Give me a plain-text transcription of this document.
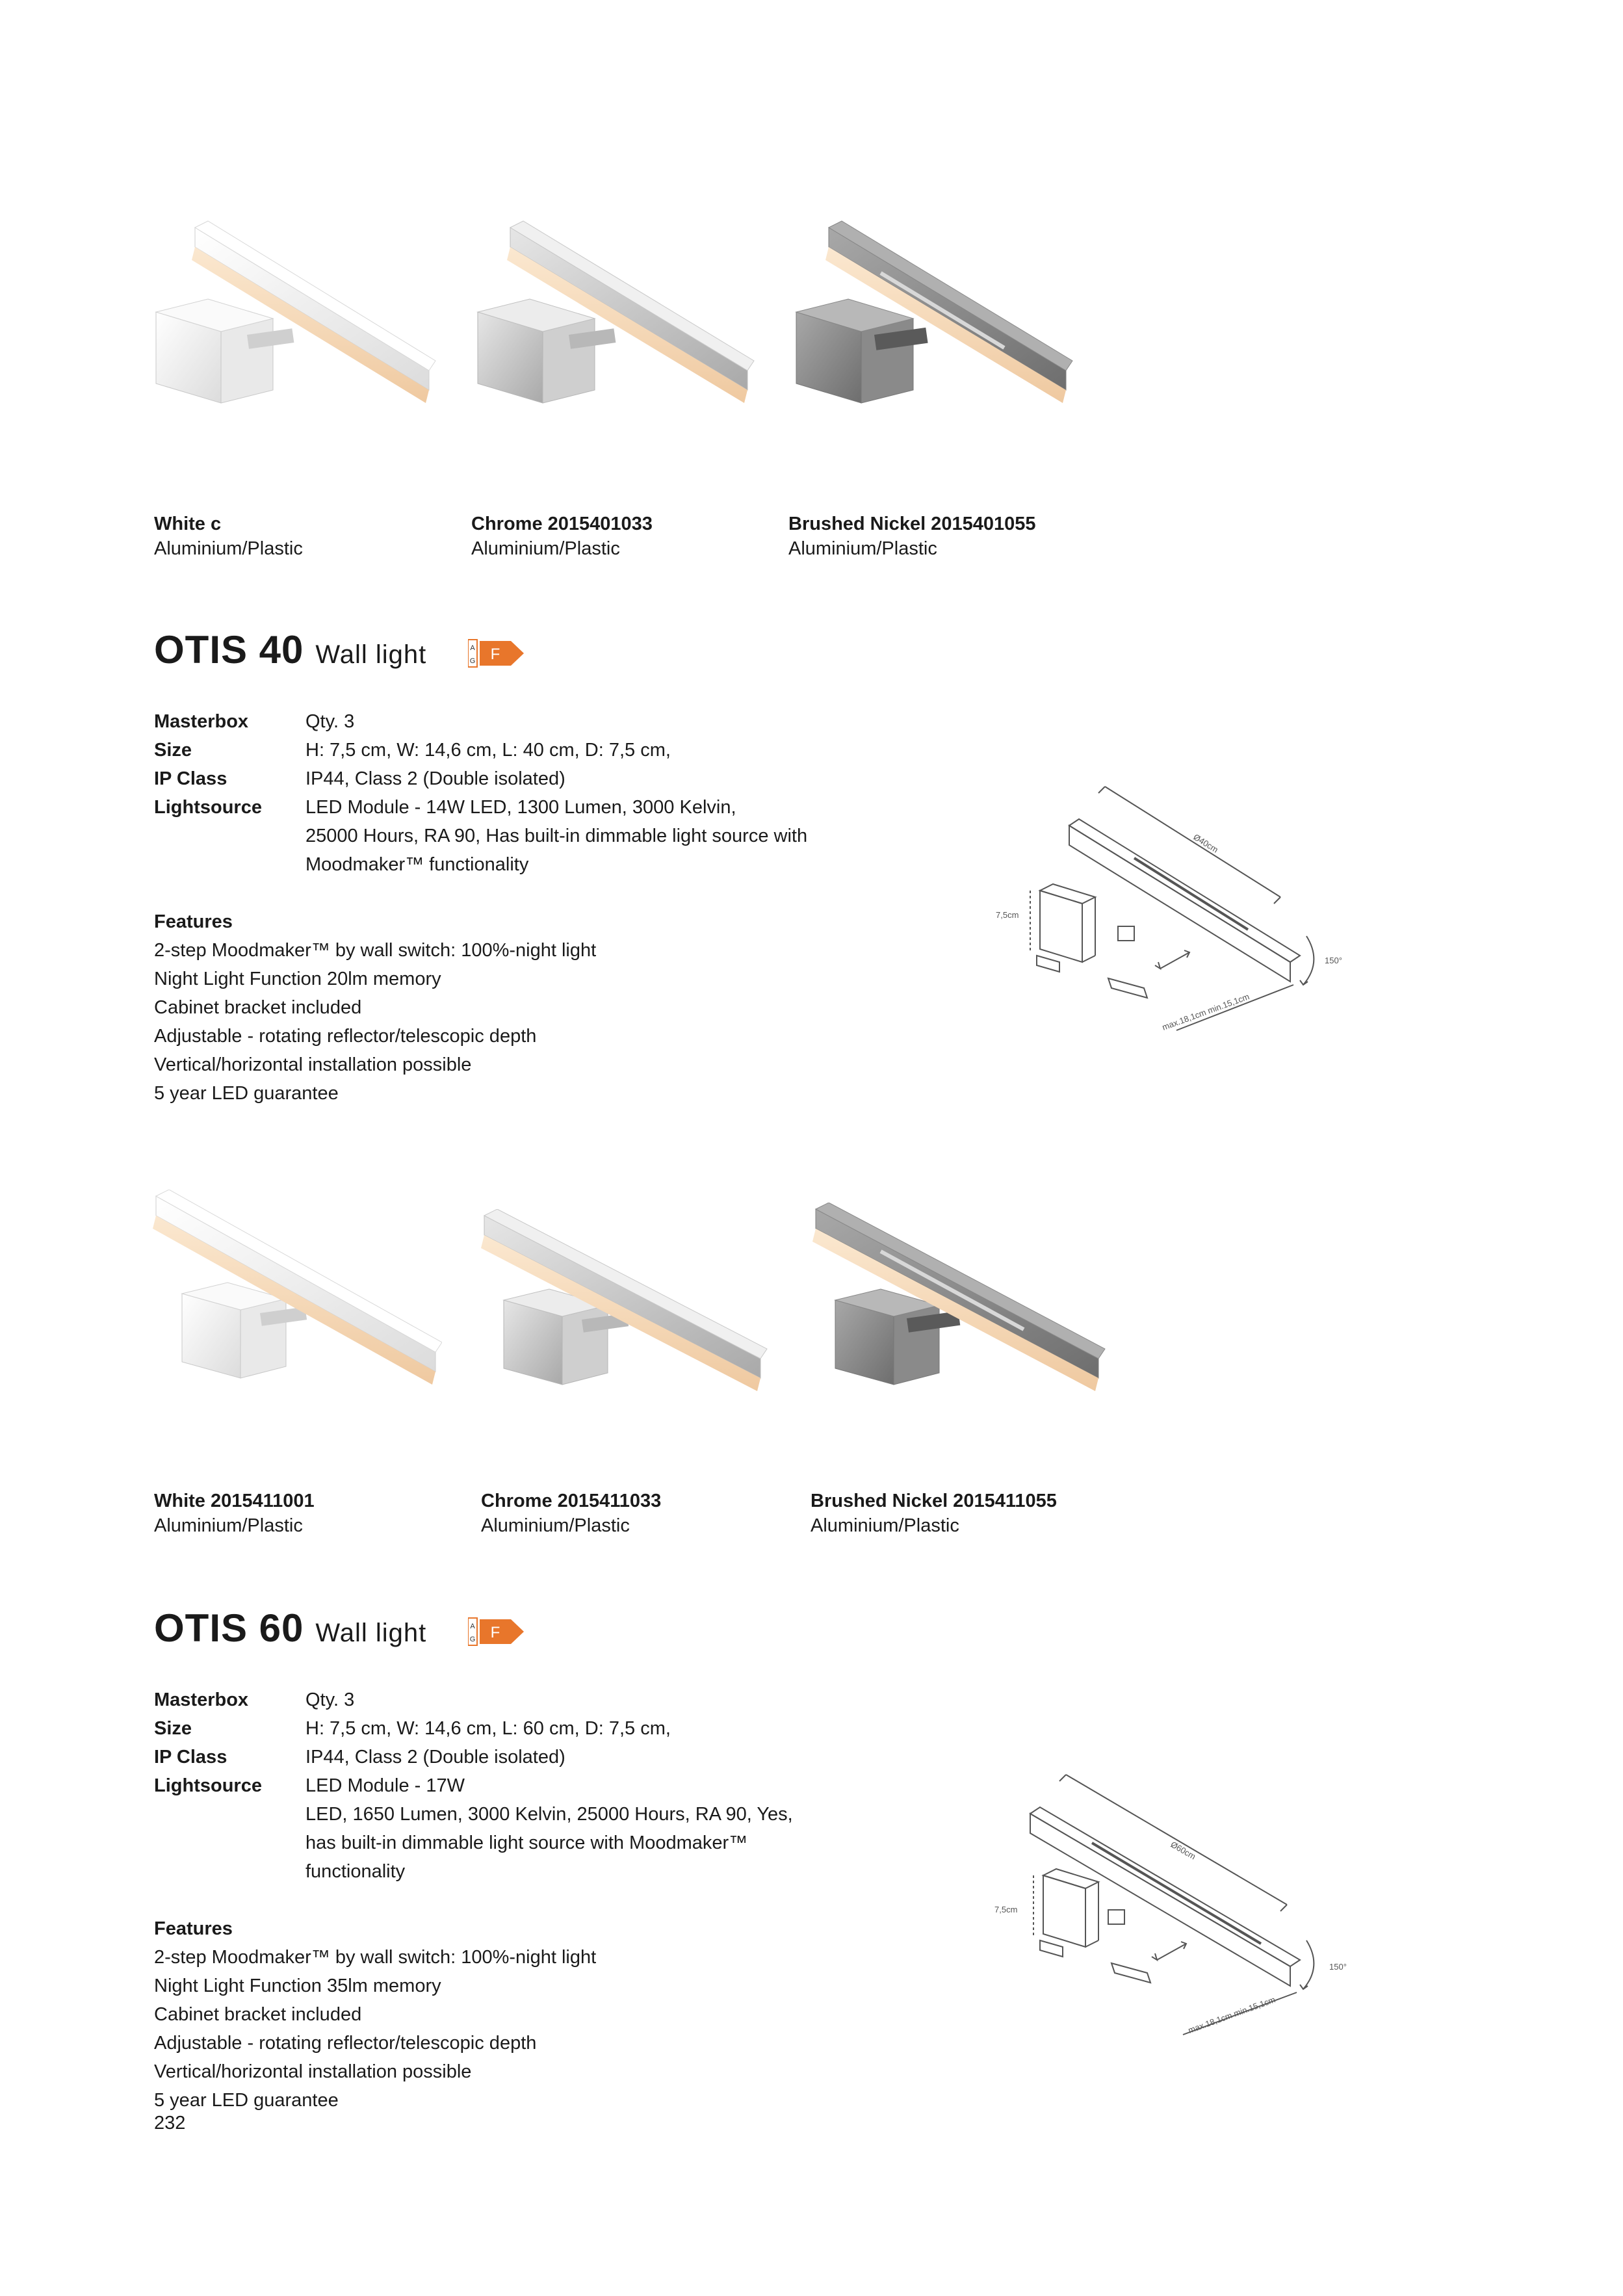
White c
Aluminium/Plastic
Chrome 2015401033
Aluminium/Plastic
Brushed Nickel 2015401055
Aluminium/Plastic
OTIS 40 Wall light	A
G F
Masterbox	Qty. 3
Size	H: 7,5 cm, W: 14,6 cm, L: 40 cm, D: 7,5 cm,
IP Class	IP44, Class 2 (Double isolated)
Lightsource LED Module - 14W LED, 1300 Lumen, 3000 Kelvin,
25000 Hours, RA 90, Has built-in dimmable light source with
Moodmaker™ functionality
Features
2-step Moodmaker™ by wall switch: 100%-night light
Night Light Function 20lm memory
Cabinet bracket included
Adjustable - rotating reflector/telescopic depth
Vertical/horizontal installation possible
5 year LED guarantee
7,5cm
Ø40cm
150°
max.18,1cm min.15,1cm
White 2015411001
Aluminium/Plastic
Chrome 2015411033
Aluminium/Plastic
Brushed Nickel 2015411055
Aluminium/Plastic
OTIS 60 Wall light	A
G F
Masterbox	Qty. 3
Size	H: 7,5 cm, W: 14,6 cm, L: 60 cm, D: 7,5 cm,
IP Class	IP44, Class 2 (Double isolated)
Lightsource LED Module - 17W
LED, 1650 Lumen, 3000 Kelvin, 25000 Hours, RA 90, Yes,
has built-in dimmable light source with Moodmaker™
functionality
Features
2-step Moodmaker™ by wall switch: 100%-night light
Night Light Function 35lm memory
Cabinet bracket included
Adjustable - rotating reflector/telescopic depth
Vertical/horizontal installation possible
5 year LED guarantee
7,5cm
Ø60cm
150°
max.18,1cm min.15,1cm
232
